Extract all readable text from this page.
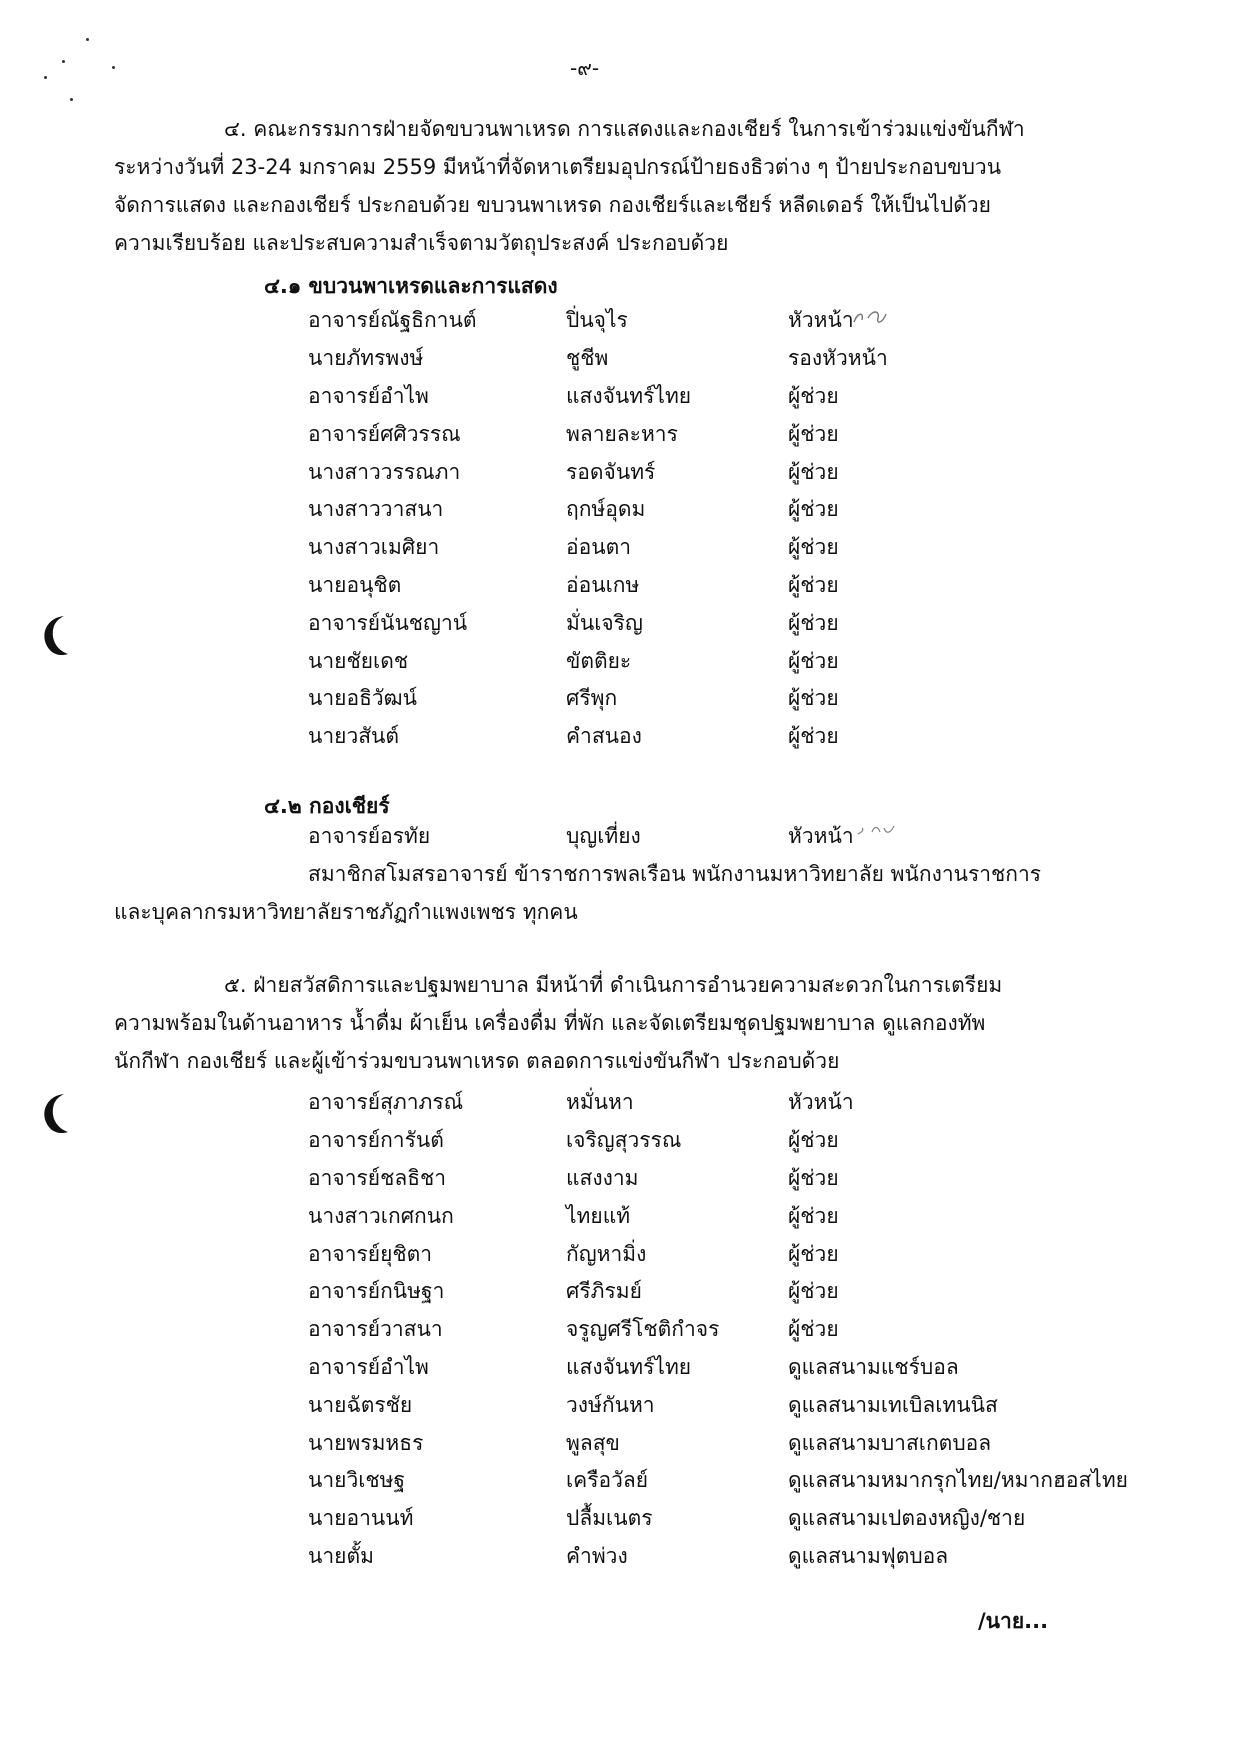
-๙-
๔. คณะกรรมการฝ่ายจัดขบวนพาเหรด การแสดงและกองเชียร์ ในการเข้าร่วมแข่งขันกีฬา
ระหว่างวันที่ 23-24 มกราคม 2559 มีหน้าที่จัดหาเตรียมอุปกรณ์ป้ายธงธิวต่าง ๆ ป้ายประกอบขบวน
จัดการแสดง และกองเชียร์ ประกอบด้วย ขบวนพาเหรด กองเชียร์และเชียร์ หลีดเดอร์ ให้เป็นไปด้วย
ความเรียบร้อย และประสบความสำเร็จตามวัตถุประสงค์ ประกอบด้วย
๔.๑ ขบวนพาเหรดและการแสดง
อาจารย์ณัฐธิกานต์	ปิ่นจุไร	หัวหน้า
นายภัทรพงษ์	ชูชีพ	รองหัวหน้า
อาจารย์อำไพ	แสงจันทร์ไทย	ผู้ช่วย
อาจารย์ศศิวรรณ	พลายละหาร	ผู้ช่วย
นางสาววรรณภา	รอดจันทร์	ผู้ช่วย
นางสาววาสนา	ฤกษ์อุดม	ผู้ช่วย
นางสาวเมศิยา	อ่อนตา	ผู้ช่วย
นายอนุชิต	อ่อนเกษ	ผู้ช่วย
อาจารย์นันชญาน์	มั่นเจริญ	ผู้ช่วย
นายชัยเดช	ขัตติยะ	ผู้ช่วย
นายอธิวัฒน์	ศรีพุก	ผู้ช่วย
นายวสันต์	คำสนอง	ผู้ช่วย
๔.๒ กองเชียร์
อาจารย์อรทัย	บุญเที่ยง	หัวหน้า
สมาชิกสโมสรอาจารย์ ข้าราชการพลเรือน พนักงานมหาวิทยาลัย พนักงานราชการ
และบุคลากรมหาวิทยาลัยราชภัฏกำแพงเพชร ทุกคน
๕. ฝ่ายสวัสดิการและปฐมพยาบาล มีหน้าที่ ดำเนินการอำนวยความสะดวกในการเตรียม
ความพร้อมในด้านอาหาร น้ำดื่ม ผ้าเย็น เครื่องดื่ม ที่พัก และจัดเตรียมชุดปฐมพยาบาล ดูแลกองทัพ
นักกีฬา กองเชียร์ และผู้เข้าร่วมขบวนพาเหรด ตลอดการแข่งขันกีฬา ประกอบด้วย
อาจารย์สุภาภรณ์	หมั่นหา	หัวหน้า
อาจารย์การันต์	เจริญสุวรรณ	ผู้ช่วย
อาจารย์ชลธิชา	แสงงาม	ผู้ช่วย
นางสาวเกศกนก	ไทยแท้	ผู้ช่วย
อาจารย์ยุชิตา	กัญหามิ่ง	ผู้ช่วย
อาจารย์กนิษฐา	ศรีภิรมย์	ผู้ช่วย
อาจารย์วาสนา	จรูญศรีโชติกำจร	ผู้ช่วย
อาจารย์อำไพ	แสงจันทร์ไทย	ดูแลสนามแชร์บอล
นายฉัตรชัย	วงษ์กันหา	ดูแลสนามเทเบิลเทนนิส
นายพรมหธร	พูลสุข	ดูแลสนามบาสเกตบอล
นายวิเชษฐ	เครือวัลย์	ดูแลสนามหมากรุกไทย/หมากฮอสไทย
นายอานนท์	ปลื้มเนตร	ดูแลสนามเปตองหญิง/ชาย
นายตั้ม	คำพ่วง	ดูแลสนามฟุตบอล
/นาย...
